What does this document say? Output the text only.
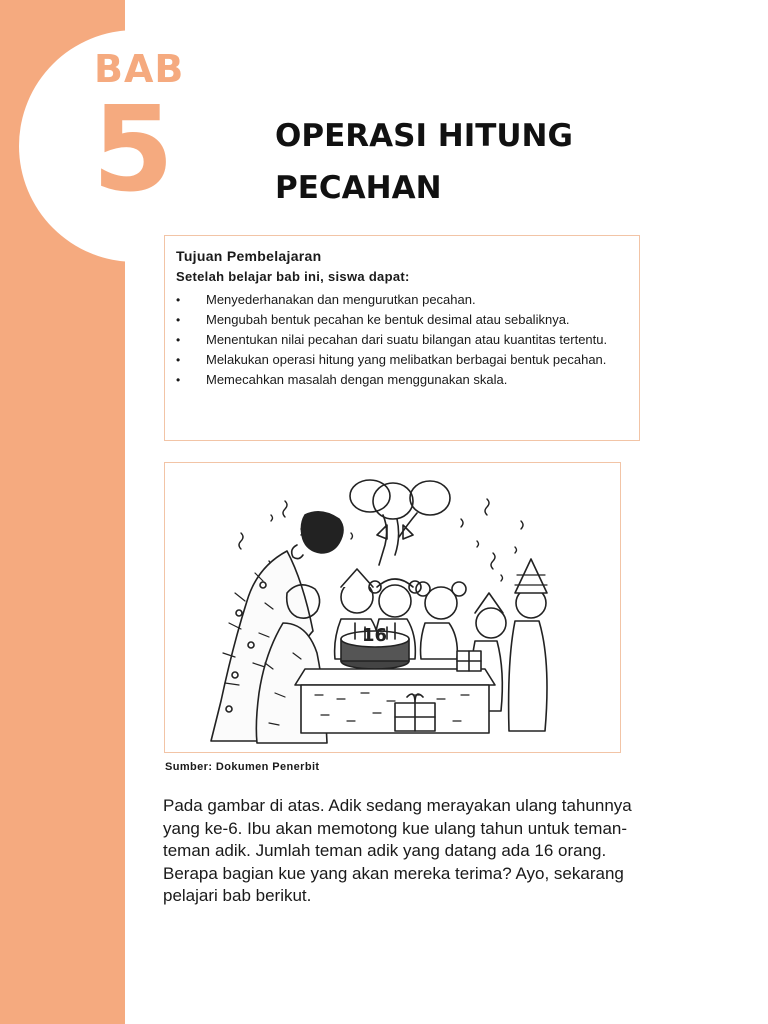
BAB
5	OPERASI HITUNG
PECAHAN

Tujuan Pembelajaran

Setelah belajar bab ini, siswa dapat:

• Menyederhanakan dan mengurutkan pecahan.
• Mengubah bentuk pecahan ke bentuk desimal atau sebaliknya.
• Menentukan nilai pecahan dari suatu bilangan atau kuantitas tertentu.
• Melakukan operasi hitung yang melibatkan berbagai bentuk pecahan.
• Memecahkan masalah dengan menggunakan skala.
16
Sumber: Dokumen Penerbit

Pada gambar di atas. Adik sedang merayakan ulang tahunnya yang ke-6. Ibu akan memotong kue ulang tahun untuk teman-teman adik. Jumlah teman adik yang datang ada 16 orang. Berapa bagian kue yang akan mereka terima? Ayo, sekarang pelajari bab berikut.
